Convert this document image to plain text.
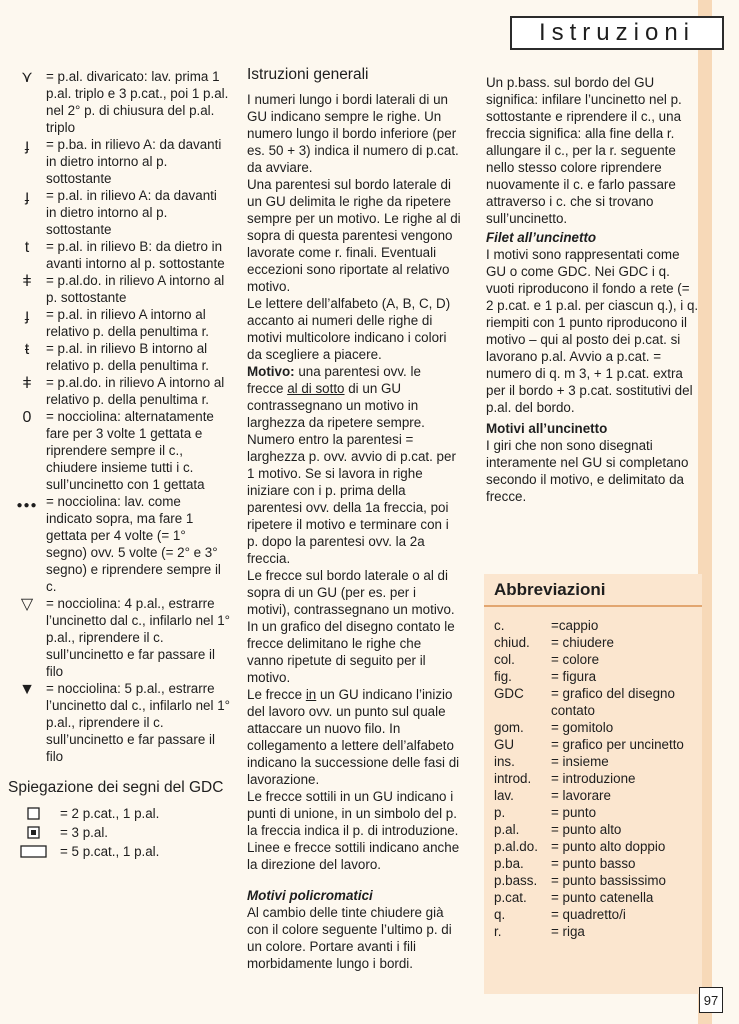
Istruzioni
⋎ = p.al. divaricato: lav. prima 1 p.al. triplo e 3 p.cat., poi 1 p.al. nel 2° p. di chiusura del p.al. triplo
ɟ	= p.ba. in rilievo A: da davanti in dietro intorno al p. sottostante
ɟ	= p.al. in rilievo A: da davanti in dietro intorno al p. sottostante
t	= p.al. in rilievo B: da dietro in avanti intorno al p. sottostante
ǂ	= p.al.do. in rilievo A intorno al p. sottostante
ɟ	= p.al. in rilievo A intorno al relativo p. della penultima r.
ŧ	= p.al. in rilievo B intorno al relativo p. della penultima r.
ǂ	= p.al.do. in rilievo A intorno al relativo p. della penultima r.
0	= nocciolina: alternatamente fare per 3 volte 1 gettata e riprendere sempre il c., chiudere insieme tutti i c. sull’uncinetto con 1 gettata
●●● = nocciolina: lav. come indicato sopra, ma fare 1 gettata per 4 volte (= 1° segno) ovv. 5 volte (= 2° e 3° segno) e riprendere sempre il c.
▽ = nocciolina: 4 p.al., estrarre l’uncinetto dal c., infilarlo nel 1° p.al., riprendere il c. sull’uncinetto e far passare il filo
▼ = nocciolina: 5 p.al., estrarre l’uncinetto dal c., infilarlo nel 1° p.al., riprendere il c. sull’uncinetto e far passare il filo
Spiegazione dei segni del GDC
= 2 p.cat., 1 p.al.
= 3 p.al.
= 5 p.cat., 1 p.al.
Istruzioni generali

I numeri lungo i bordi laterali di un GU indicano sempre le righe. Un numero lungo il bordo inferiore (per es. 50 + 3) indica il numero di p.cat. da avviare.

Una parentesi sul bordo laterale di un GU delimita le righe da ripetere sempre per un motivo. Le righe al di sopra di questa parentesi vengono lavorate come r. finali. Eventuali eccezioni sono riportate al relativo motivo.

Le lettere dell’alfabeto (A, B, C, D) accanto ai numeri delle righe di motivi multicolore indicano i colori da scegliere a piacere.

Motivo: una parentesi ovv. le frecce al di sotto di un GU contrassegnano un motivo in larghezza da ripetere sempre. Numero entro la parentesi = larghezza p. ovv. avvio di p.cat. per 1 motivo. Se si lavora in righe iniziare con i p. prima della parentesi ovv. della 1a freccia, poi ripetere il motivo e terminare con i p. dopo la parentesi ovv. la 2a freccia.

Le frecce sul bordo laterale o al di sopra di un GU (per es. per i motivi), contrassegnano un motivo.

In un grafico del disegno contato le frecce delimitano le righe che vanno ripetute di seguito per il motivo.

Le frecce in un GU indicano l’inizio del lavoro ovv. un punto sul quale attaccare un nuovo filo. In collegamento a lettere dell’alfabeto indicano la successione delle fasi di lavorazione.

Le frecce sottili in un GU indicano i punti di unione, in un simbolo del p. la freccia indica il p. di introduzione. Linee e frecce sottili indicano anche la direzione del lavoro.

Motivi policromatici

Al cambio delle tinte chiudere già con il colore seguente l’ultimo p. di un colore. Portare avanti i fili morbidamente lungo i bordi.

Un p.bass. sul bordo del GU significa: infilare l’uncinetto nel p. sottostante e riprendere il c., una freccia significa: alla fine della r. allungare il c., per la r. seguente nello stesso colore riprendere nuovamente il c. e farlo passare attraverso i c. che si trovano sull’uncinetto.

Filet all’uncinetto

I motivi sono rappresentati come GU o come GDC. Nei GDC i q. vuoti riproducono il fondo a rete (= 2 p.cat. e 1 p.al. per ciascun q.), i q. riempiti con 1 punto riproducono il motivo – qui al posto dei p.cat. si lavorano p.al. Avvio a p.cat. = numero di q. m 3, + 1 p.cat. extra per il bordo + 3 p.cat. sostitutivi del p.al. del bordo.

Motivi all’uncinetto

I giri che non sono disegnati interamente nel GU si completano secondo il motivo, e delimitato da frecce.

Abbreviazioni
c.	=cappio
chiud.	= chiudere
col.	= colore
fig.	= figura
GDC	= grafico del disegno contato
gom.	= gomitolo
GU	= grafico per uncinetto
ins.	= insieme
introd.	= introduzione
lav.	= lavorare
p.	= punto
p.al.	= punto alto
p.al.do. = punto alto doppio
p.ba.	= punto basso
p.bass.	= punto bassissimo
p.cat.	= punto catenella
q.	= quadretto/i
r.	= riga
97
